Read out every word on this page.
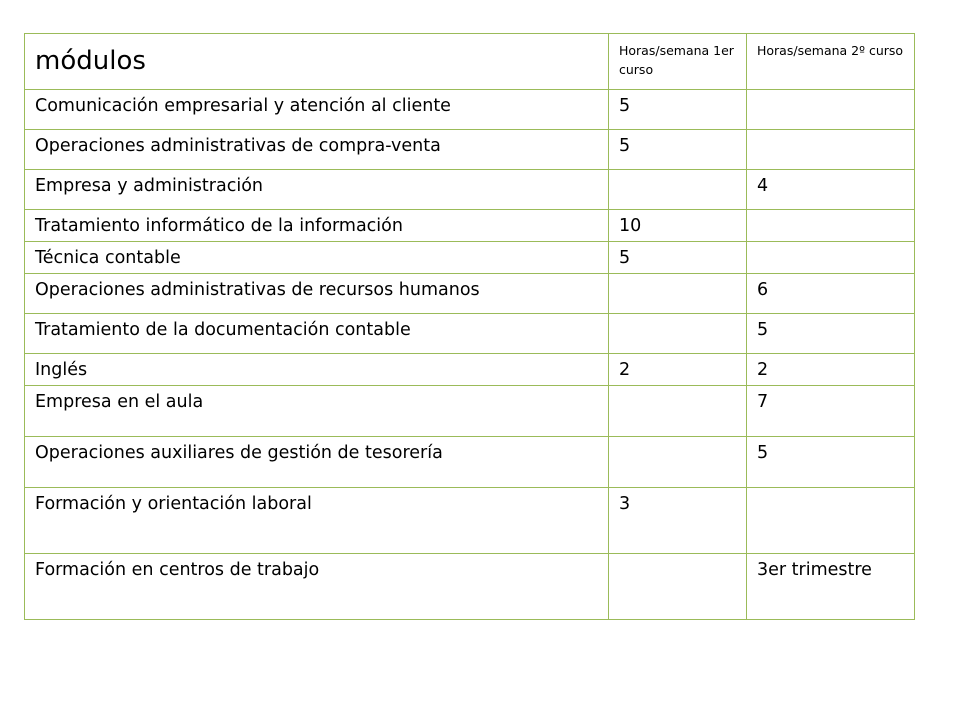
módulos	Horas/semana 1er curso	Horas/semana 2º curso
Comunicación empresarial y atención al cliente	5	
Operaciones administrativas de compra-venta	5	
Empresa y administración		4
Tratamiento informático de la información	10	
Técnica contable	5	
Operaciones administrativas de recursos humanos		6
Tratamiento de la documentación contable		5
Inglés	2	2
Empresa en el aula		7
Operaciones auxiliares de gestión de tesorería		5
Formación y orientación laboral	3	
Formación en centros de trabajo		3er trimestre
